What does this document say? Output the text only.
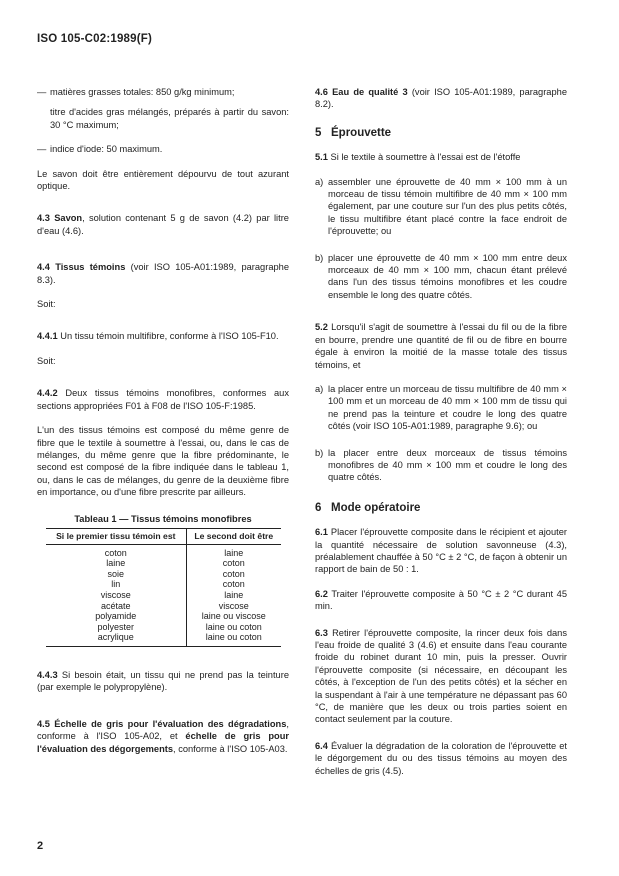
ISO 105-C02:1989(F)
— matières grasses totales: 850 g/kg minimum;
titre d'acides gras mélangés, préparés à partir du savon: 30 °C maximum;
— indice d'iode: 50 maximum.

Le savon doit être entièrement dépourvu de tout azurant optique.

4.3 Savon, solution contenant 5 g de savon (4.2) par litre d'eau (4.6).

4.4 Tissus témoins (voir ISO 105-A01:1989, paragraphe 8.3).

Soit:

4.4.1 Un tissu témoin multifibre, conforme à l'ISO 105-F10.

Soit:

4.4.2 Deux tissus témoins monofibres, conformes aux sections appropriées F01 à F08 de l'ISO 105-F:1985.

L'un des tissus témoins est composé du même genre de fibre que le textile à soumettre à l'essai, ou, dans le cas de mélanges, du même genre que la fibre prédominante, le second est composé de la fibre indiquée dans le tableau 1, ou, dans le cas de mélanges, du genre de la deuxième fibre en importance, ou d'une fibre prescrite par ailleurs.

Tableau 1 — Tissus témoins monofibres
Si le premier tissu témoin est	Le second doit être
coton	laine
laine	coton
soie	coton
lin	coton
viscose	laine
acétate	viscose
polyamide	laine ou viscose
polyester	laine ou coton
acrylique	laine ou coton

4.4.3 Si besoin était, un tissu qui ne prend pas la teinture (par exemple le polypropylène).

4.5 Échelle de gris pour l'évaluation des dégradations, conforme à l'ISO 105-A02, et échelle de gris pour l'évaluation des dégorgements, conforme à l'ISO 105-A03.

4.6 Eau de qualité 3 (voir ISO 105-A01:1989, paragraphe 8.2).

5 Éprouvette

5.1 Si le textile à soumettre à l'essai est de l'étoffe

a) assembler une éprouvette de 40 mm × 100 mm à un morceau de tissu témoin multifibre de 40 mm × 100 mm également, par une couture sur l'un des plus petits côtés, le tissu multifibre étant placé contre la face endroit de l'éprouvette; ou
b) placer une éprouvette de 40 mm × 100 mm entre deux morceaux de 40 mm × 100 mm, chacun étant prélevé dans l'un des tissus témoins monofibres et les coudre ensemble le long des quatre côtés.

5.2 Lorsqu'il s'agit de soumettre à l'essai du fil ou de la fibre en bourre, prendre une quantité de fil ou de fibre en bourre égale à environ la moitié de la masse totale des tissus témoins, et

a) la placer entre un morceau de tissu multifibre de 40 mm × 100 mm et un morceau de 40 mm × 100 mm de tissu qui ne prend pas la teinture et coudre le long des quatre côtés (voir ISO 105-A01:1989, paragraphe 9.6); ou
b) la placer entre deux morceaux de tissus témoins monofibres de 40 mm × 100 mm et coudre le long des quatre côtés.
6 Mode opératoire

6.1 Placer l'éprouvette composite dans le récipient et ajouter la quantité nécessaire de solution savonneuse (4.3), préalablement chauffée à 50 °C ± 2 °C, de façon à obtenir un rapport de bain de 50 : 1.

6.2 Traiter l'éprouvette composite à 50 °C ± 2 °C durant 45 min.

6.3 Retirer l'éprouvette composite, la rincer deux fois dans l'eau froide de qualité 3 (4.6) et ensuite dans l'eau courante froide du robinet durant 10 min, puis la presser. Ouvrir l'éprouvette composite (si nécessaire, en découpant les côtés, à l'exception de l'un des petits côtés) et la sécher en la suspendant à l'air à une température ne dépassant pas 60 °C, de manière que les deux ou trois parties soient en contact seulement par la couture.

6.4 Évaluer la dégradation de la coloration de l'éprouvette et le dégorgement du ou des tissus témoins au moyen des échelles de gris (4.5).

2
